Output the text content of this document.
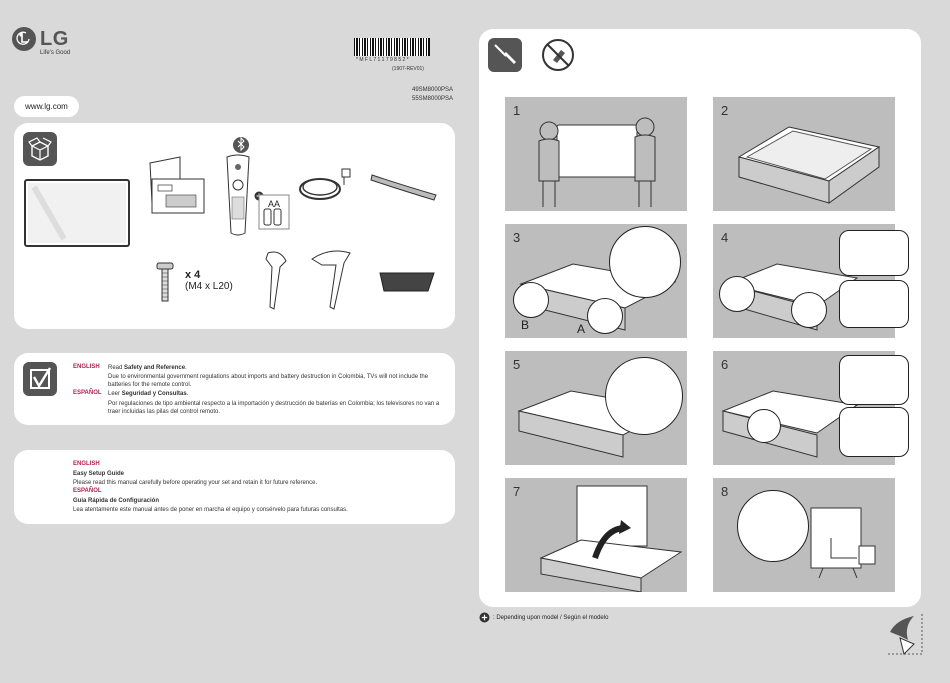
LG
Life's Good
www.lg.com
* M F L 7 1 1 7 9 8 5 2 *
(1907-REV01)
49SM8000PSA
55SM8000PSA
x 4
(M4 x L20)
AA
ENGLISH Read Safety and Reference.
Due to environmental government regulations about imports and battery destruction in Colombia, TVs will not include the batteries for the remote control.
ESPAÑOL Leer Seguridad y Consultas.
Por regulaciones de tipo ambiental respecto a la importación y destrucción de baterías en Colombia; los televisores no van a traer incluidas las pilas del control remoto.
ENGLISH
Easy Setup Guide
Please read this manual carefully before operating your set and retain it for future reference.
ESPAÑOL
Guía Rápida de Configuración
Lea atentamente este manual antes de poner en marcha el equipo y consérvelo para futuras consultas.
1	2
3
B	A
4
5	6
7	8
: Depending upon model / Según el modelo
